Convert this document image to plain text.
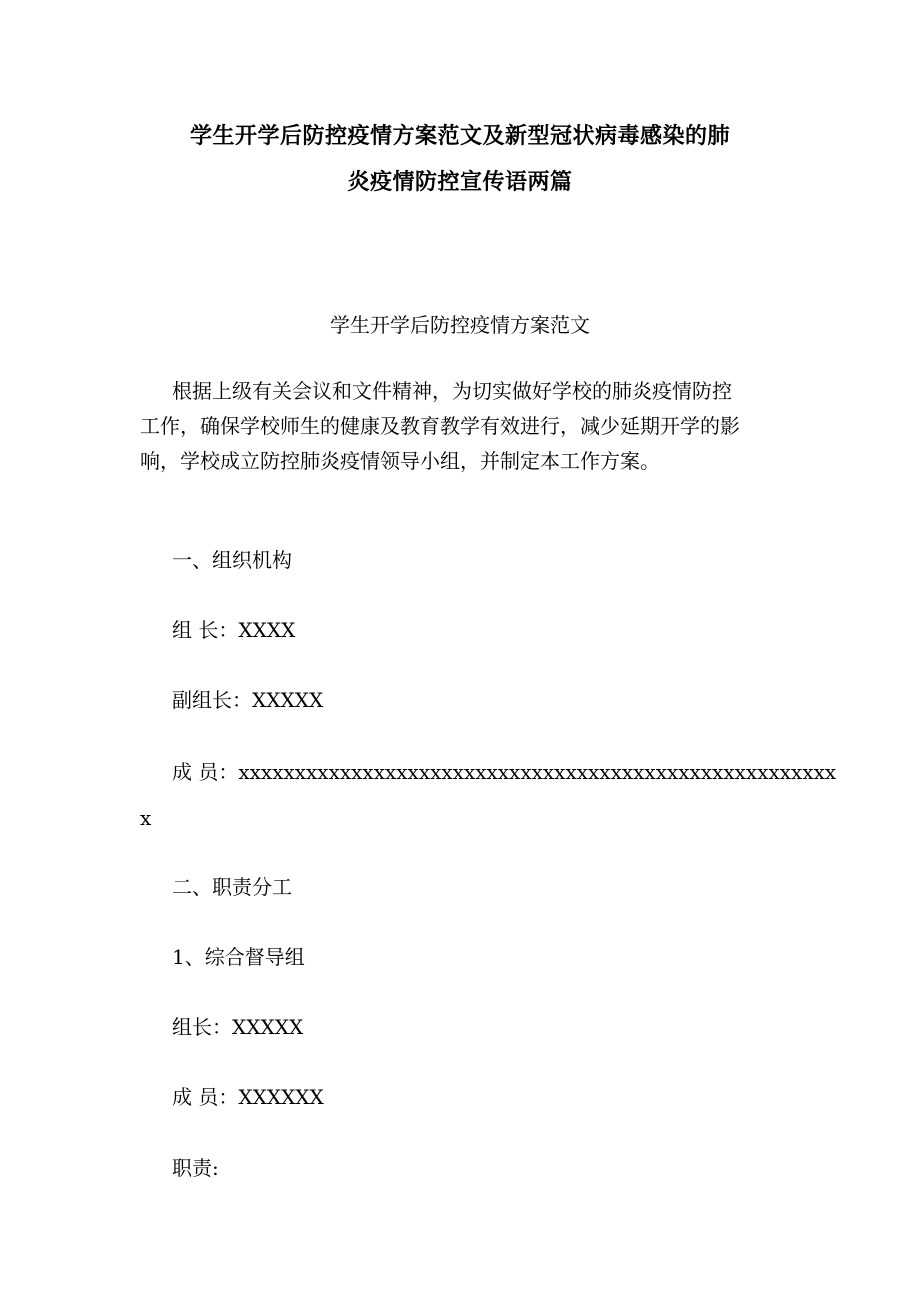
学生开学后防控疫情方案范文及新型冠状病毒感染的肺
炎疫情防控宣传语两篇
学生开学后防控疫情方案范文
根据上级有关会议和文件精神，为切实做好学校的肺炎疫情防控
工作，确保学校师生的健康及教育教学有效进行，减少延期开学的影
响，学校成立防控肺炎疫情领导小组，并制定本工作方案。
一、组织机构
组 长：XXXX
副组长：XXXXX
成 员：xxxxxxxxxxxxxxxxxxxxxxxxxxxxxxxxxxxxxxxxxxxxxxxxxxxxx
x
二、职责分工
1、综合督导组
组长：XXXXX
成 员：XXXXXX
职责:
